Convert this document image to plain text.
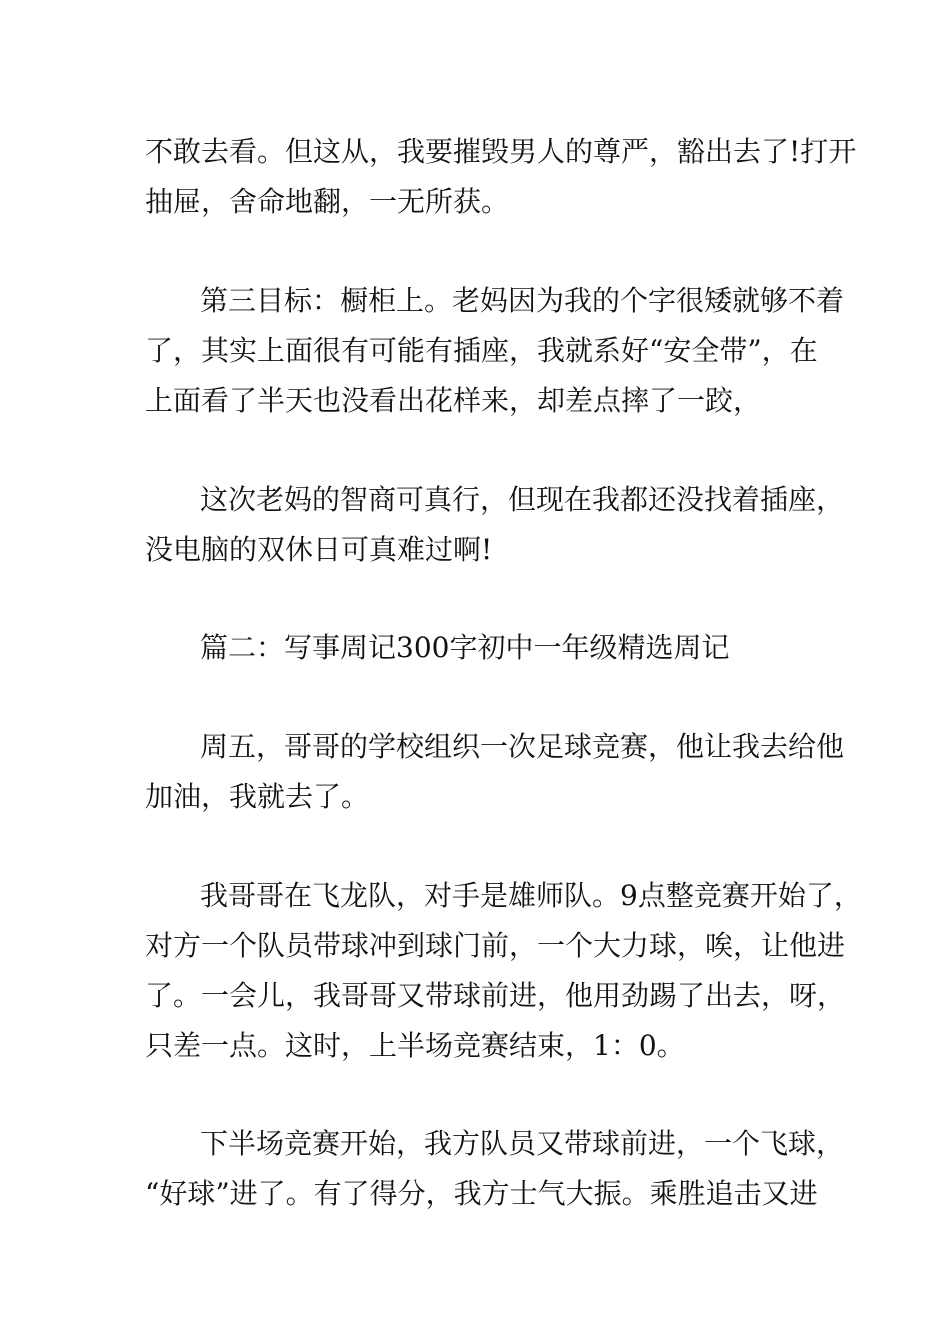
不敢去看。但这从，我要摧毁男人的尊严，豁出去了!打开
抽屉，舍命地翻，一无所获。
第三目标：橱柜上。老妈因为我的个字很矮就够不着
了，其实上面很有可能有插座，我就系好“安全带”，在
上面看了半天也没看出花样来，却差点摔了一跤，
这次老妈的智商可真行，但现在我都还没找着插座，
没电脑的双休日可真难过啊!
篇二：写事周记300字初中一年级精选周记
周五，哥哥的学校组织一次足球竞赛，他让我去给他
加油，我就去了。
我哥哥在飞龙队，对手是雄师队。9点整竞赛开始了，
对方一个队员带球冲到球门前，一个大力球，唉，让他进
了。一会儿，我哥哥又带球前进，他用劲踢了出去，呀，
只差一点。这时，上半场竞赛结束，1：0。
下半场竞赛开始，我方队员又带球前进，一个飞球，
“好球”进了。有了得分，我方士气大振。乘胜追击又进
